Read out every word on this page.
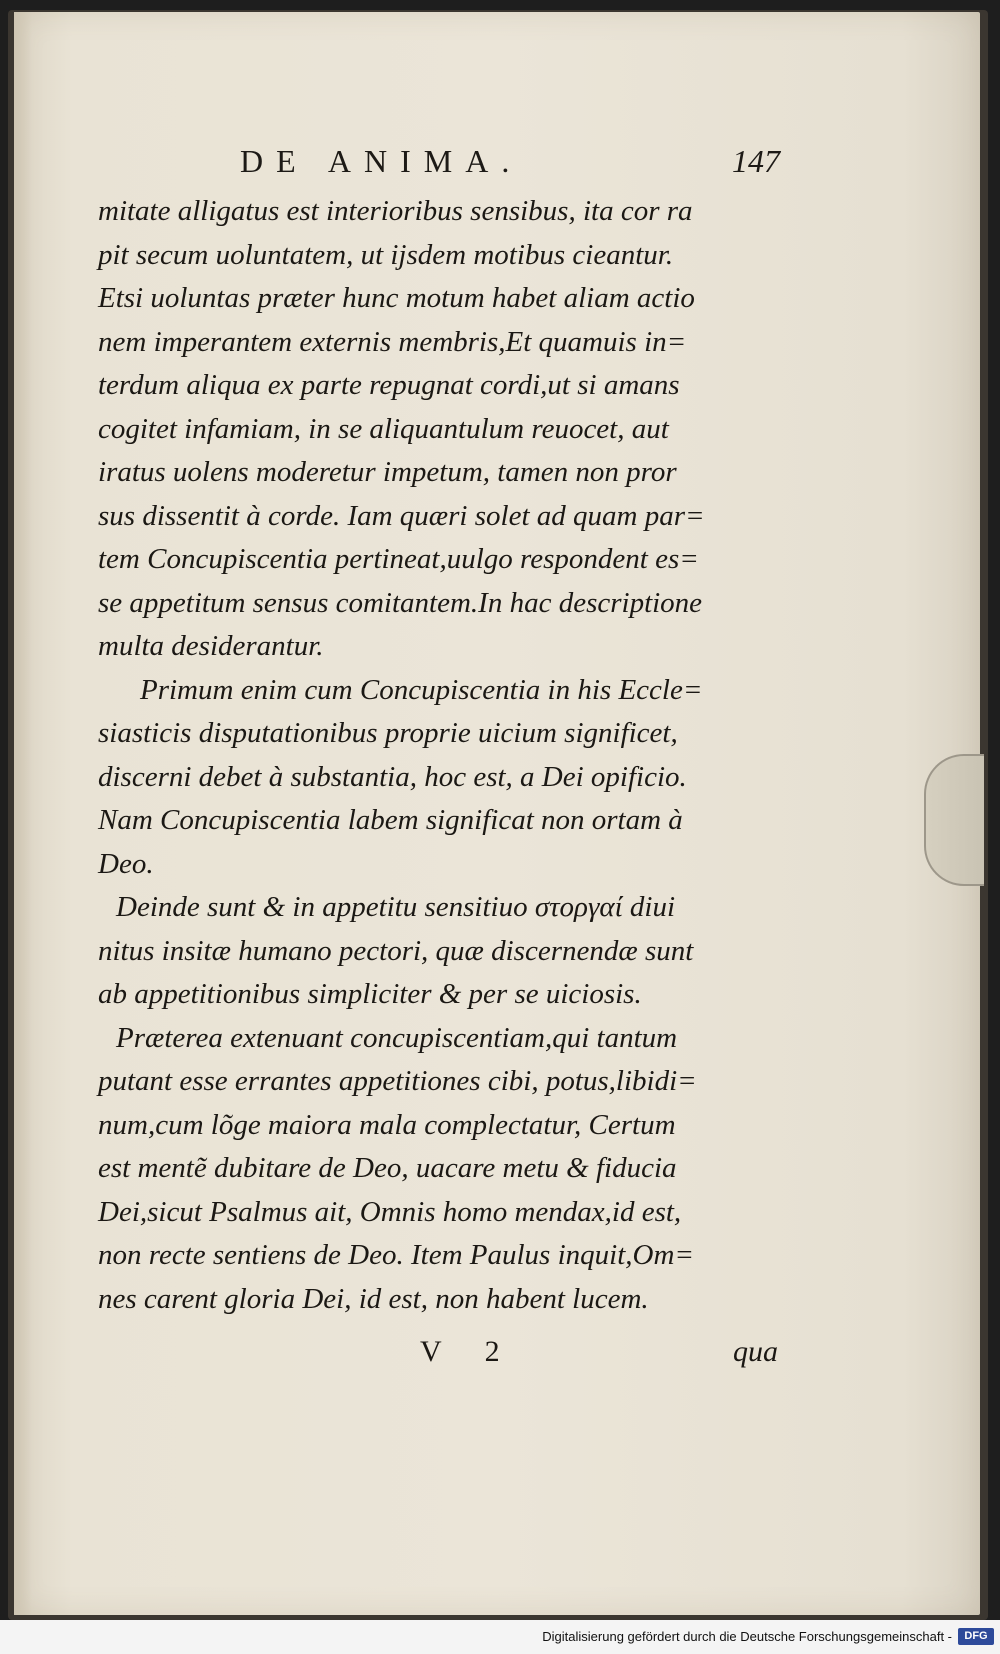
DE ANIMA.	147
mitate alligatus est interioribus sensibus, ita cor ra
pit secum uoluntatem, ut ijsdem motibus cieantur.
Etsi uoluntas præter hunc motum habet aliam actio
nem imperantem externis membris,Et quamuis in=
terdum aliqua ex parte repugnat cordi,ut si amans
cogitet infamiam, in se aliquantulum reuocet, aut
iratus uolens moderetur impetum, tamen non pror
sus dissentit à corde. Iam quæri solet ad quam par=
tem Concupiscentia pertineat,uulgo respondent es=
se appetitum sensus comitantem.In hac descriptione
multa desiderantur.
Primum enim cum Concupiscentia in his Eccle=
siasticis disputationibus proprie uicium significet,
discerni debet à substantia, hoc est, a Dei opificio.
Nam Concupiscentia labem significat non ortam à
Deo.
Deinde sunt & in appetitu sensitiuo στοργαί diui
nitus insitæ humano pectori, quæ discernendæ sunt
ab appetitionibus simpliciter & per se uiciosis.
Præterea extenuant concupiscentiam,qui tantum
putant esse errantes appetitiones cibi, potus,libidi=
num,cum lõge maiora mala complectatur, Certum
est mentẽ dubitare de Deo, uacare metu & fiducia
Dei,sicut Psalmus ait, Omnis homo mendax,id est,
non recte sentiens de Deo. Item Paulus inquit,Om=
nes carent gloria Dei, id est, non habent lucem.
V 2	qua
Digitalisierung gefördert durch die Deutsche Forschungsgemeinschaft -	DFG
